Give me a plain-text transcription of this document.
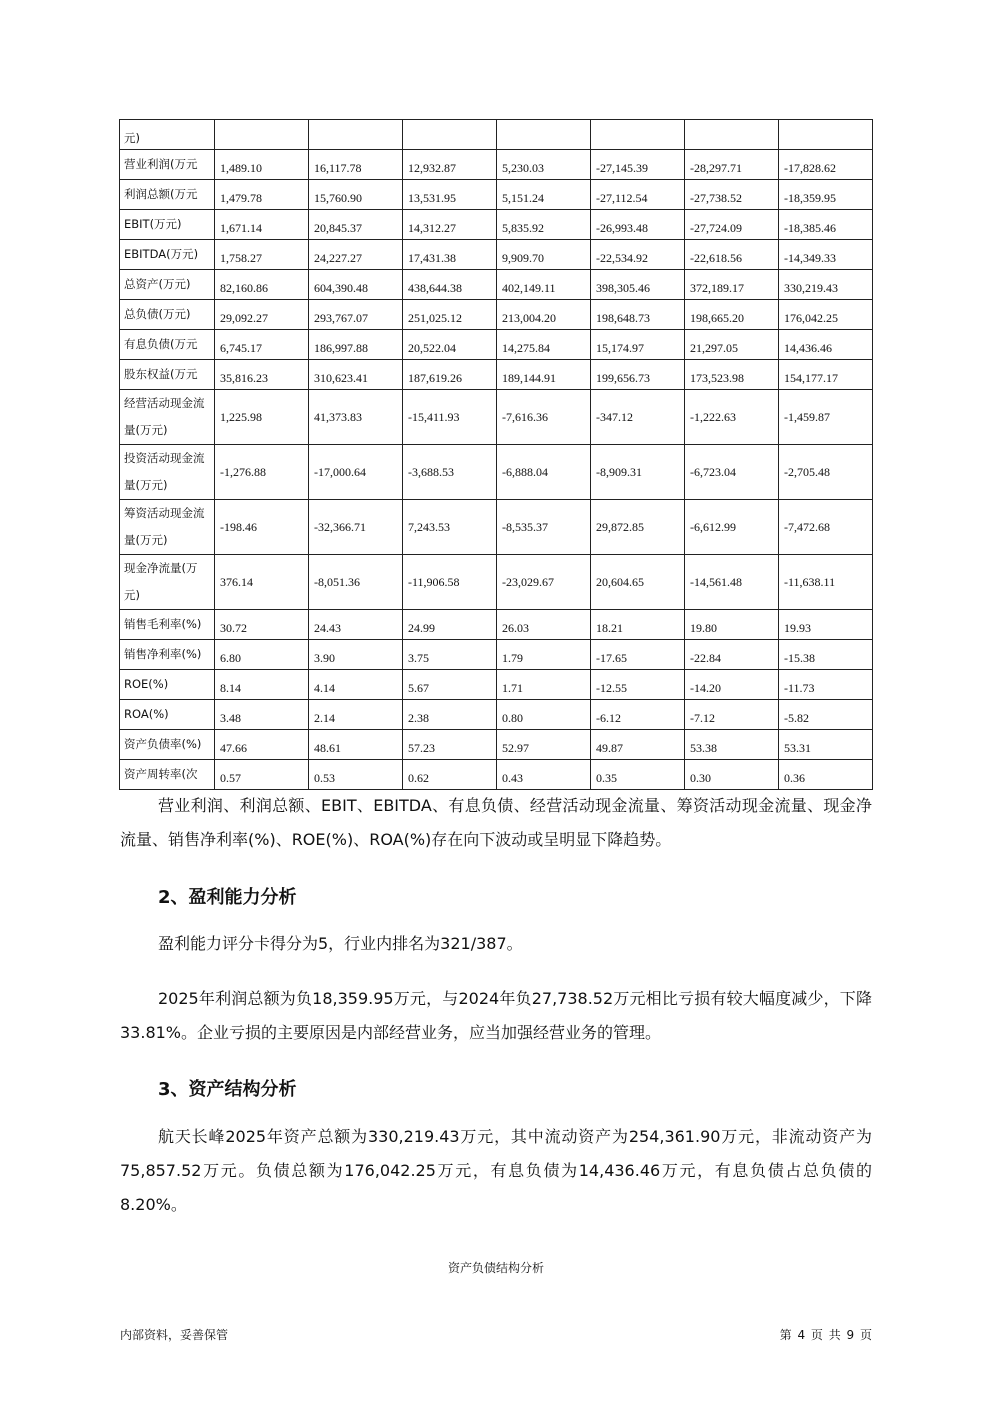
元)							
营业利润(万元	1,489.10	16,117.78	12,932.87	5,230.03	-27,145.39	-28,297.71	-17,828.62
利润总额(万元	1,479.78	15,760.90	13,531.95	5,151.24	-27,112.54	-27,738.52	-18,359.95
EBIT(万元)	1,671.14	20,845.37	14,312.27	5,835.92	-26,993.48	-27,724.09	-18,385.46
EBITDA(万元)	1,758.27	24,227.27	17,431.38	9,909.70	-22,534.92	-22,618.56	-14,349.33
总资产(万元)	82,160.86	604,390.48	438,644.38	402,149.11	398,305.46	372,189.17	330,219.43
总负债(万元)	29,092.27	293,767.07	251,025.12	213,004.20	198,648.73	198,665.20	176,042.25
有息负债(万元	6,745.17	186,997.88	20,522.04	14,275.84	15,174.97	21,297.05	14,436.46
股东权益(万元	35,816.23	310,623.41	187,619.26	189,144.91	199,656.73	173,523.98	154,177.17
经营活动现金流量(万元)	1,225.98	41,373.83	-15,411.93	-7,616.36	-347.12	-1,222.63	-1,459.87
投资活动现金流量(万元)	-1,276.88	-17,000.64	-3,688.53	-6,888.04	-8,909.31	-6,723.04	-2,705.48
筹资活动现金流量(万元)	-198.46	-32,366.71	7,243.53	-8,535.37	29,872.85	-6,612.99	-7,472.68
现金净流量(万元)	376.14	-8,051.36	-11,906.58	-23,029.67	20,604.65	-14,561.48	-11,638.11
销售毛利率(%)	30.72	24.43	24.99	26.03	18.21	19.80	19.93
销售净利率(%)	6.80	3.90	3.75	1.79	-17.65	-22.84	-15.38
ROE(%)	8.14	4.14	5.67	1.71	-12.55	-14.20	-11.73
ROA(%)	3.48	2.14	2.38	0.80	-6.12	-7.12	-5.82
资产负债率(%)	47.66	48.61	57.23	52.97	49.87	53.38	53.31
资产周转率(次	0.57	0.53	0.62	0.43	0.35	0.30	0.36
营业利润、利润总额、EBIT、EBITDA、有息负债、经营活动现金流量、筹资活动现金流量、现金净流量、销售净利率(%)、ROE(%)、ROA(%)存在向下波动或呈明显下降趋势。
2、盈利能力分析
盈利能力评分卡得分为5，行业内排名为321/387。
2025年利润总额为负18,359.95万元，与2024年负27,738.52万元相比亏损有较大幅度减少，下降33.81%。企业亏损的主要原因是内部经营业务，应当加强经营业务的管理。
3、资产结构分析
航天长峰2025年资产总额为330,219.43万元，其中流动资产为254,361.90万元，非流动资产为75,857.52万元。负债总额为176,042.25万元，有息负债为14,436.46万元，有息负债占总负债的8.20%。
资产负债结构分析
内部资料，妥善保管	第 4 页 共 9 页
